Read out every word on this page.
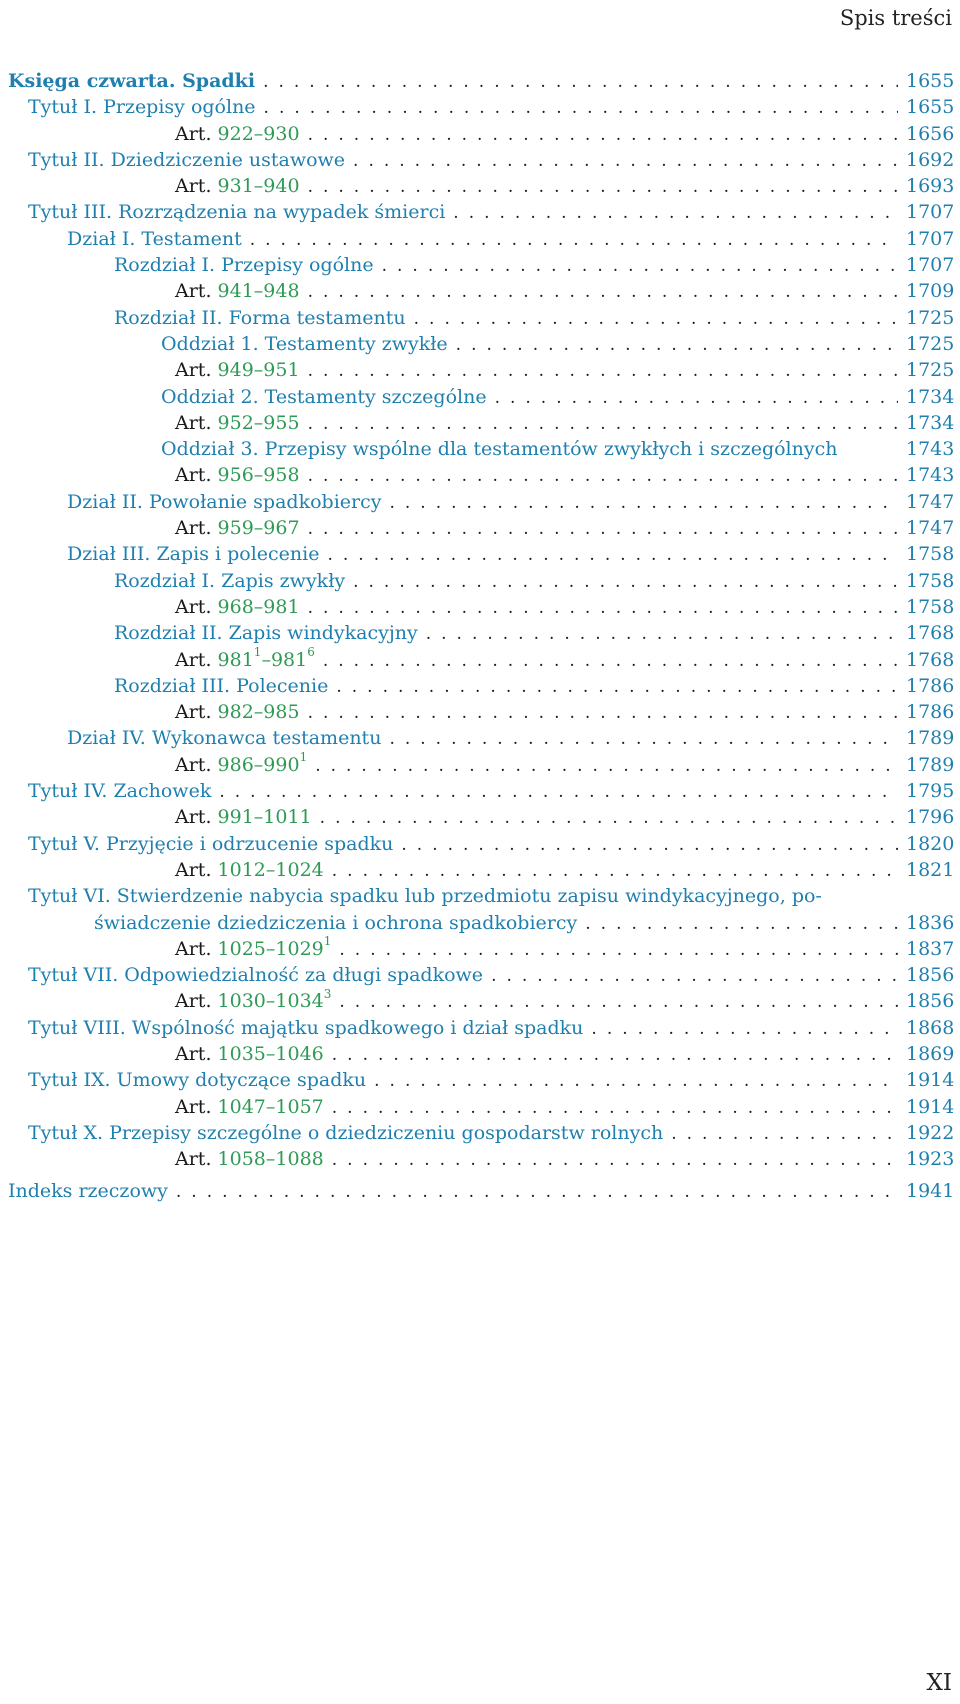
Spis treści
Księga czwarta. Spadki . . .	1655
Tytuł I. Przepisy ogólne . . .	1655
Art. 922–930 . . .	1656
Tytuł II. Dziedziczenie ustawowe . . .	1692
Art. 931–940 . . .	1693
Tytuł III. Rozrządzenia na wypadek śmierci . . .	1707
Dział I. Testament . . .	1707
Rozdział I. Przepisy ogólne . . .	1707
Art. 941–948 . . .	1709
Rozdział II. Forma testamentu . . .	1725
Oddział 1. Testamenty zwykłe . . .	1725
Art. 949–951 . . .	1725
Oddział 2. Testamenty szczególne . . .	1734
Art. 952–955 . . .	1734
Oddział 3. Przepisy wspólne dla testamentów zwykłych i szczególnych	1743
Art. 956–958 . . .	1743
Dział II. Powołanie spadkobiercy . . .	1747
Art. 959–967 . . .	1747
Dział III. Zapis i polecenie . . .	1758
Rozdział I. Zapis zwykły . . .	1758
Art. 968–981 . . .	1758
Rozdział II. Zapis windykacyjny . . .	1768
Art. $981^1-981^6$ . . .	1768
Rozdział III. Polecenie . . .	1786
Art. 982–985 . . .	1786
Dział IV. Wykonawca testamentu . . .	1789
Art. $986-990^1$ . . .	1789
Tytuł IV. Zachowek . . .	1795
Art. 991–1011 . . .	1796
Tytuł V. Przyjęcie i odrzucenie spadku . . .	1820
Art. 1012–1024 . . .	1821
Tytuł VI. Stwierdzenie nabycia spadku lub przedmiotu zapisu windykacyjnego, po-
świadczenie dziedziczenia i ochrona spadkobiercy . . .	1836
Art. 1025–1029$^1$ . . .	1837
Tytuł VII. Odpowiedzialność za długi spadkowe . . .	1856
Art. 1030–1034$^3$ . . .	1856
Tytuł VIII. Wspólność majątku spadkowego i dział spadku . . .	1868
Art. 1035–1046 . . .	1869
Tytuł IX. Umowy dotyczące spadku . . .	1914
Art. 1047–1057 . . .	1914
Tytuł X. Przepisy szczególne o dziedziczeniu gospodarstw rolnych . . .	1922
Art. 1058–1088 . . .	1923
Indeks rzeczowy . . .	1941
XI
